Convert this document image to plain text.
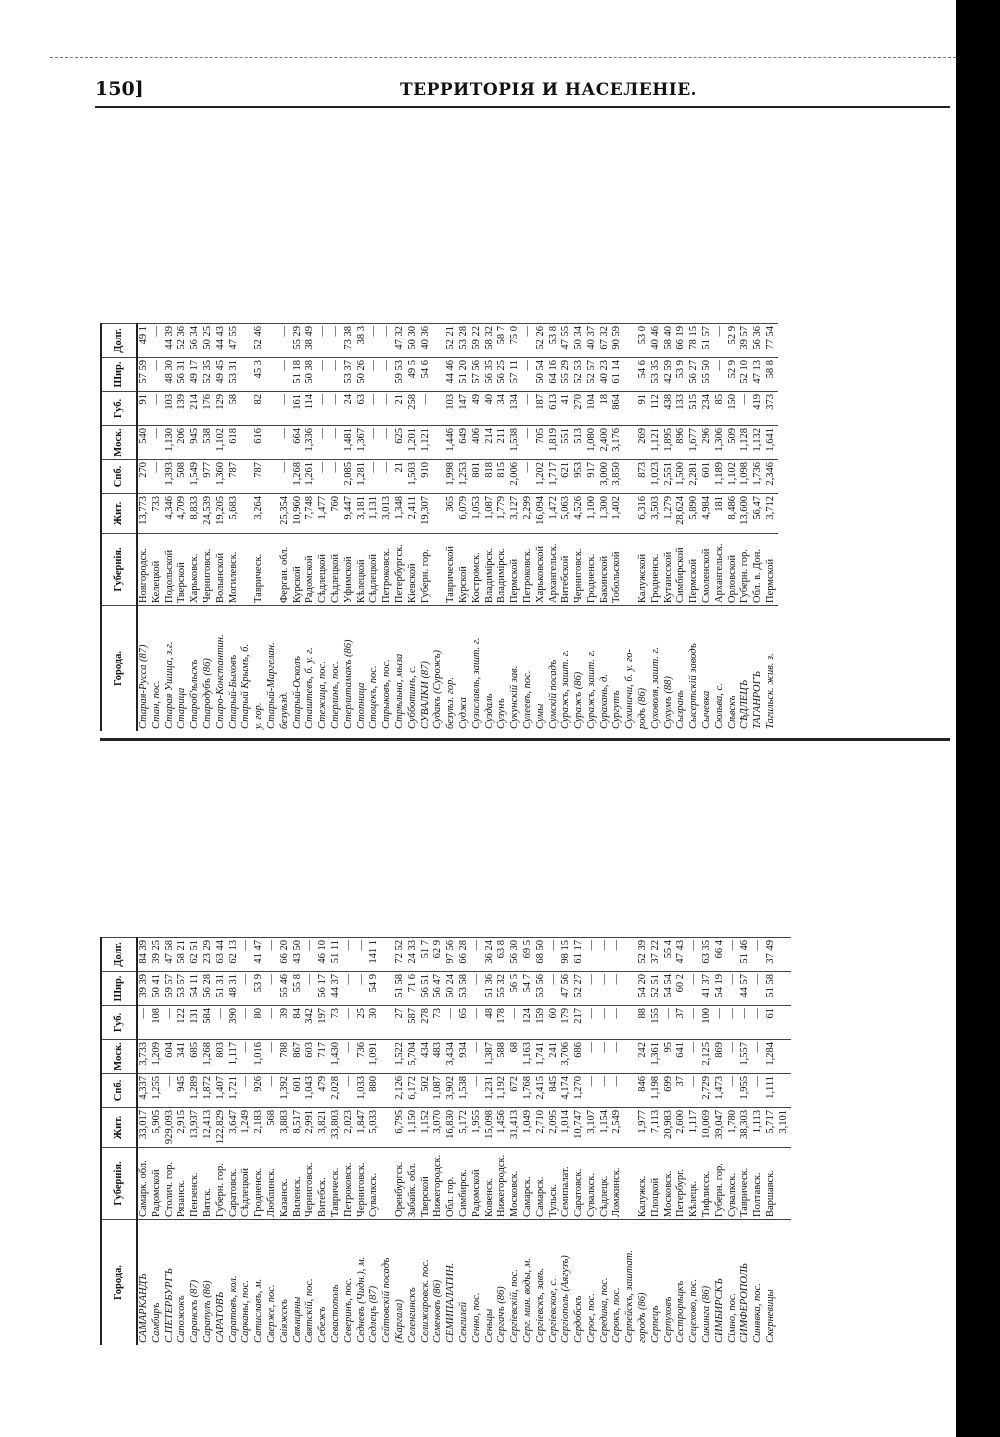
150]	ТЕРРИТОРІЯ И НАСЕЛЕНІЕ.
Города.
Губернія.
Жит.
Спб.
Mocк.
Губ.
Шир.
Долг.
САМАРКАНДЪ
Самарк. обл.
33,017
4,337
3,733
—
39 39
84 39
Самбиръ
Радомской
5,905
1,255
1,209
108
50 41
39 25
С.ПЕТЕРБУРГЪ
Столич. гор.
929,093
—
604
—
59 57
47 58
Сапожокъ
Рязанск.
2,915
945
341
122
53 57
58 21
Саранскъ (87)
Пензенск.
13,937
1,289
685
131
54 11
62 51
Сарапулъ (86)
Вятск.
12,413
1,872
1,268
584
56 28
23 29
САРАТОВЪ
Губерн. гор.
122,829
1,407
803
—
51 31
63 44
Саратовъ, кол.
Саратовск.
3,647
1,721
1,117
390
48 31
62 13
Сарканы, пос.
Сѣдлецкой
1,249
—
—
—
—
—
Сатиславъ, м.
Гродненск.
2,183
926
1,016
80
53 9
41 47
Сверже, пос.
Люблинск.
568
—
—
—
—
—
Свіяжскъ
Казанск.
3,883
1,392
788
39
55 46
66 20
Свѣнцяны
Виленск.
8,517
601
867
84
55 8
43 50
Святскій, пос.
Черниговск.
2,991
1,043
603
342
—
—
Себежъ
Витебск.
3,821
479
717
197
56 17
46 10
Севастополь
Таврическ.
33,803
2,028
1,430
73
44 37
51 11
Северинъ, пос.
Петроковск.
2,023
—
—
—
—
—
Седневъ (Чидн.), м.
Черниговск.
1,847
1,033
736
25
—
—
Седлецъ (87)
Сувалкск.
5,033
880
1,091
30
54 9
141 1
Сейтовскій посадъ (Каргала)
Оренбургск.
6,795
2,126
1,522
27
51 58
72 52
Селенгинскъ
Забайк. обл.
1,150
6,172
5,704
587
71 6
24 33
Селижаровск. пос.
Тверской
1,152
502
434
278
56 51
51 7
Семеновъ (86)
Нижегородск.
3,070
1,087
483
73
56 47
62 9
СЕМИПАЛАТИН.
Обл. гор.
16,830
3,902
3,434
—
50 24
97 56
Сенгилей
Симбирск.
5,172
1,538
934
65
53 58
66 28
Сенно, пос.
Радомской
1,955
—
—
—
—
—
Сеньцы
Ковенск.
15,098
1,231
1,387
48
51 36
36 24
Сергачъ (86)
Нижегородск.
1,456
1,192
588
178
55 32
63 8
Сергіевскій, пос.
Московск.
31,413
672
68
—
56 5
56 30
Серг. мин. воды, м.
Самарск.
1,049
1,768
1,163
124
54 7
69 5
Сергіевскъ, завъ.
Самарск.
2,710
2,415
1,741
159
53 56
68 50
Сергіевское, с.
Тульск.
2,095
845
241
60
—
—
Сергіополь (Аягузъ)
Семипалат.
1,014
4,174
3,706
179
47 56
98 15
Сердобскъ
Саратовск.
10,747
1,270
686
217
52 27
61 17
Серое, пос.
Сувалкск.
3,107
—
—
—
—
—
Середина, пос.
Сѣдлецк.
1,154
—
—
—
—
—
Серокъ, пос.
Ломжинск.
2,549
—
—
—
—
—
Серпейскъ, заштат. городъ (86)
Калужск.
1,977
846
242
88
54 20
52 39
Серпецъ
Плоцкой
7,113
1,198
1,361
155
52 51
37 22
Серпуховъ
Московск.
20,983
699
95
—
54 54
55 4
Сестрорѣцкъ
Петербург.
2,600
37
641
37
60 2
47 43
Сецехово, пос.
Кѣлецк.
1,117
—
—
—
—
—
Сикинга (86)
Тифлисск.
10,069
2,729
2,125
100
41 37
63 35
СИМБИРСКЪ
Губерн. гор.
39,047
1,473
869
—
54 19
66 4
Сімно, пос.
Сувалкск.
1,780
—
—
—
—
—
СИМФЕРОПОЛЬ
Таврическ.
38,303
1,955
1,557
—
44 57
51 46
Синявка, пос.
Полтавск.
1,113
—
—
—
—
—
Скерневицы
Варшавск.
5,717
1,111
1,284
61
51 58
37 49
3,101
Города.
Губернія.
Жит.
Спб.
Mocк.
Губ.
Шир.
Долг.
Старая-Русса (87)
Новгородск.
13,773
270
540
91
57 59
49 1
Стан, пос.
Келецкой
733
—
—
—
—
—
Старая Ушица, з.г.
Подольской
4,346
1,393
1,130
103
48 30
44 39
Старица
Тверской
4,709
508
206
139
56 31
52 36
Староб'ѣльскъ
Харьковск.
8,833
1,549
945
214
49 17
56 34
Стародубъ (86)
Черниговск.
24,539
977
538
176
52 35
50 25
Старо-Константин.
Волынской
19,205
1,360
1,102
129
49 45
44 43
Старый-Быховъ
Могилевск.
5,683
787
618
58
53 31
47 55
Старый Крымъ, б. у. гор.
Таврическ.
3,264
787
616
82
45 3
52 46
Старый-Маргелан. безуѣзд.
Ферган. обл.
25,354
—
—
—
—
—
Старый-Осколъ
Курской
10,960
1,268
664
161
51 18
55 29
Сташтевъ, б. у. г.
Радомской
7,748
1,261
1,336
114
50 38
38 49
Стежица, пос.
Сѣдлецкой
1,477
—
—
—
—
—
Стерлинъ, пос.
Сѣдлецкой
760
—
—
—
—
—
Стерлитамакъ (86)
Уфимской
9,447
2,085
1,481
24
53 37
73 38
Стопница
Кѣлецкой
3,181
1,281
1,367
63
50 26
38 3
Стоцекъ, пос.
Сѣдлецкой
1,131
—
—
—
—
—
Стрыковъ, пос.
Петроковск.
3,013
—
—
—
—
—
Стрѣльна, мыза
Петербургск.
1,348
21
625
21
59 53
47 32
Субботинъ, с.
Кіевской
2,411
1,503
1,201
258
49 5
50 30
СУВАЛКИ (87)
Губерн. гор.
19,307
910
1,121
—
54 6
40 36
Судакъ (Сурожъ) безуѣз. гор.
Таврической
365
1,998
1,446
103
44 46
52 21
Суджа
Курской
6,079
1,253
649
147
51 20
53 28
Сузиславль, зашт. г.
Костромск.
1,053
801
406
49
57 56
59 22
Суздаль
Владимірск.
1,087
818
214
40
56 35
58 32
Сузунъ
Владимірск.
1,779
815
211
34
56 25
58 7
Сукунскій зав.
Пермской
3,127
2,006
1,538
134
57 11
75 0
Сулеевъ, пос.
Петроковск.
2,299
—
—
—
—
—
Сумы
Харьковской
16,094
1,202
705
187
50 54
52 26
Сумскій посадъ
Архангельск.
1,472
1,717
1,819
613
64 16
53 8
Суражъ, зашт. г.
Витебской
5,063
621
551
41
55 29
47 55
Суражъ (86)
Черниговск.
4,526
953
513
270
52 53
50 34
Суражъ, зашт. г.
Гродненск.
1,100
917
1,080
104
52 57
40 37
Сурахань, д.
Бакинской
1,300
3,000
2,400
18
40 23
67 32
Сургутъ
Тобольской
1,402
3,850
3,176
864
61 14
90 59
Сухиничи, б. у. го- родъ (86)
Калужской
6,316
873
269
91
54 6
53 0
Суховоля, зашт. г.
Гродненск.
3,503
1,023
1,121
112
53 35
40 46
Сухумъ (88)
Кутаисской
1,279
2,551
1,895
438
42 59
58 40
Сызрань
Симбирской
28,624
1,500
896
133
53 9
66 19
Сысертскій заводъ
Пермской
5,890
2,281
1,677
515
56 27
78 15
Сычевка
Смоленской
4,984
601
296
234
55 50
51 57
Сюльва, с.
Архангельск.
181
1,189
1,306
85
—
—
Сѣвскъ
Орловской
8,486
1,102
509
150
52 9
52 9
СѢДЛЕЦЪ
Губерн. гор.
13,600
1,098
1,128
—
52 10
39 57
ТАГАНРОГЪ
Обл. в. Дон.
56,47
1,736
1,132
419
47 13
56 36
Тагильск. жив. з.
Пермской
3,712
2,346
1,641
373
58 8
77 54
